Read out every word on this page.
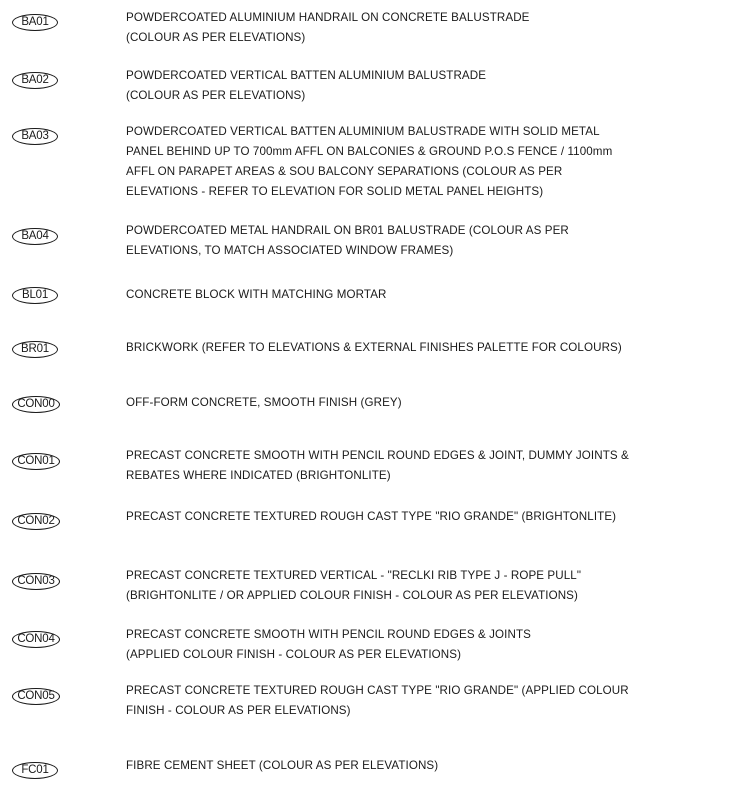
BA01	POWDERCOATED ALUMINIUM HANDRAIL ON CONCRETE BALUSTRADE
(COLOUR AS PER ELEVATIONS)

BA02	POWDERCOATED VERTICAL BATTEN ALUMINIUM BALUSTRADE
(COLOUR AS PER ELEVATIONS)

BA03	POWDERCOATED VERTICAL BATTEN ALUMINIUM BALUSTRADE WITH SOLID METAL
PANEL BEHIND UP TO 700mm AFFL ON BALCONIES & GROUND P.O.S FENCE / 1100mm
AFFL ON PARAPET AREAS & SOU BALCONY SEPARATIONS (COLOUR AS PER
ELEVATIONS - REFER TO ELEVATION FOR SOLID METAL PANEL HEIGHTS)

BA04	POWDERCOATED METAL HANDRAIL ON BR01 BALUSTRADE (COLOUR AS PER
ELEVATIONS, TO MATCH ASSOCIATED WINDOW FRAMES)

BL01	CONCRETE BLOCK WITH MATCHING MORTAR

BR01	BRICKWORK (REFER TO ELEVATIONS & EXTERNAL FINISHES PALETTE FOR COLOURS)

CON00	OFF-FORM CONCRETE, SMOOTH FINISH (GREY)

CON01	PRECAST CONCRETE SMOOTH WITH PENCIL ROUND EDGES & JOINT, DUMMY JOINTS &
REBATES WHERE INDICATED (BRIGHTONLITE)

CON02	PRECAST CONCRETE TEXTURED ROUGH CAST TYPE "RIO GRANDE" (BRIGHTONLITE)

CON03	PRECAST CONCRETE TEXTURED VERTICAL - "RECLKI RIB TYPE J - ROPE PULL"
(BRIGHTONLITE / OR APPLIED COLOUR FINISH - COLOUR AS PER ELEVATIONS)

CON04	PRECAST CONCRETE SMOOTH WITH PENCIL ROUND EDGES & JOINTS
(APPLIED COLOUR FINISH - COLOUR AS PER ELEVATIONS)

CON05	PRECAST CONCRETE TEXTURED ROUGH CAST TYPE "RIO GRANDE" (APPLIED COLOUR
FINISH - COLOUR AS PER ELEVATIONS)

FC01	FIBRE CEMENT SHEET (COLOUR AS PER ELEVATIONS)
